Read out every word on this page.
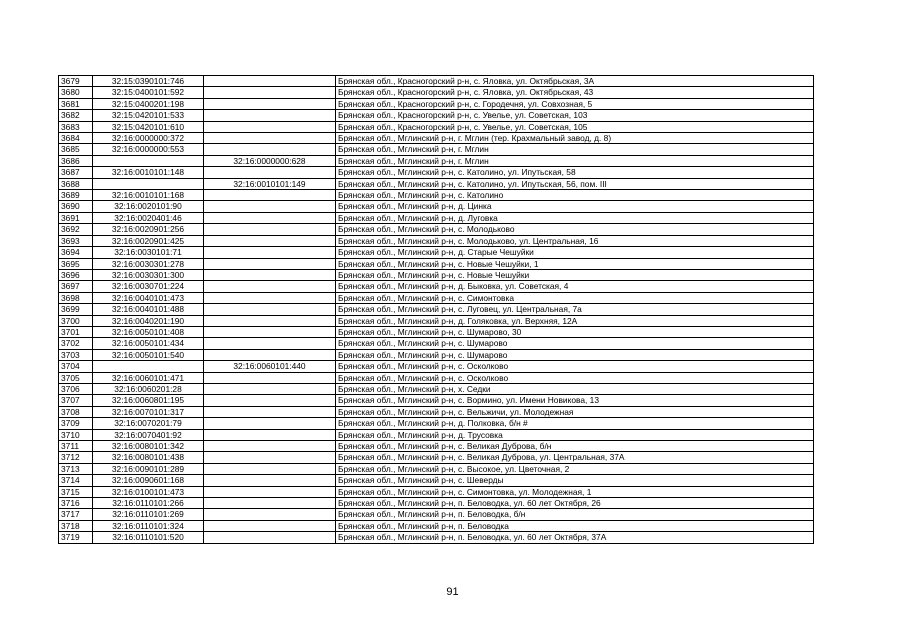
3679	32:15:0390101:746		Брянская обл., Красногорский р-н, с. Яловка, ул. Октябрьская, 3А
3680	32:15:0400101:592		Брянская обл., Красногорский р-н, с. Яловка, ул. Октябрьская, 43
3681	32:15:0400201:198		Брянская обл., Красногорский р-н, с. Городечня, ул. Совхозная, 5
3682	32:15:0420101:533		Брянская обл., Красногорский р-н, с. Увелье, ул. Советская, 103
3683	32:15:0420101:610		Брянская обл., Красногорский р-н, с. Увелье, ул. Советская, 105
3684	32:16:0000000:372		Брянская обл., Мглинский р-н, г. Мглин (тер. Крахмальный завод, д. 8)
3685	32:16:0000000:553		Брянская обл., Мглинский р-н, г. Мглин
3686		32:16:0000000:628	Брянская обл., Мглинский р-н, г. Мглин
3687	32:16:0010101:148		Брянская обл., Мглинский р-н, с. Католино, ул. Ипутьская, 58
3688		32:16:0010101:149	Брянская обл., Мглинский р-н, с. Католино, ул. Ипутьская, 56, пом. III
3689	32:16:0010101:168		Брянская обл., Мглинский р-н, с. Католино
3690	32:16:0020101:90		Брянская обл., Мглинский р-н, д. Цинка
3691	32:16:0020401:46		Брянская обл., Мглинский р-н, д. Луговка
3692	32:16:0020901:256		Брянская обл., Мглинский р-н, с. Молодьково
3693	32:16:0020901:425		Брянская обл., Мглинский р-н, с. Молодьково, ул. Центральная, 16
3694	32:16:0030101:71		Брянская обл., Мглинский р-н, д. Старые Чешуйки
3695	32:16:0030301:278		Брянская обл., Мглинский р-н, с. Новые Чешуйки, 1
3696	32:16:0030301:300		Брянская обл., Мглинский р-н, с. Новые Чешуйки
3697	32:16:0030701:224		Брянская обл., Мглинский р-н, д. Быковка, ул. Советская, 4
3698	32:16:0040101:473		Брянская обл., Мглинский р-н, с. Симонтовка
3699	32:16:0040101:488		Брянская обл., Мглинский р-н, с. Луговец, ул. Центральная, 7а
3700	32:16:0040201:190		Брянская обл., Мглинский р-н, д. Голяковка, ул. Верхняя, 12А
3701	32:16:0050101:408		Брянская обл., Мглинский р-н, с. Шумарово, 30
3702	32:16:0050101:434		Брянская обл., Мглинский р-н, с. Шумарово
3703	32:16:0050101:540		Брянская обл., Мглинский р-н, с. Шумарово
3704		32:16:0060101:440	Брянская обл., Мглинский р-н, с. Осколково
3705	32:16:0060101:471		Брянская обл., Мглинский р-н, с. Осколково
3706	32:16:0060201:28		Брянская обл., Мглинский р-н, х. Седки
3707	32:16:0060801:195		Брянская обл., Мглинский р-н, с. Вормино, ул. Имени Новикова, 13
3708	32:16:0070101:317		Брянская обл., Мглинский р-н, с. Вельжичи, ул. Молодежная
3709	32:16:0070201:79		Брянская обл., Мглинский р-н, д. Полковка, б/н #
3710	32:16:0070401:92		Брянская обл., Мглинский р-н, д. Трусовка
3711	32:16:0080101:342		Брянская обл., Мглинский р-н, с. Великая Дуброва, б/н
3712	32:16:0080101:438		Брянская обл., Мглинский р-н, с. Великая Дуброва, ул. Центральная, 37А
3713	32:16:0090101:289		Брянская обл., Мглинский р-н, с. Высокое, ул. Цветочная, 2
3714	32:16:0090601:168		Брянская обл., Мглинский р-н, с. Шеверды
3715	32:16:0100101:473		Брянская обл., Мглинский р-н, с. Симонтовка, ул. Молодежная, 1
3716	32:16:0110101:266		Брянская обл., Мглинский р-н, п. Беловодка, ул. 60 лет Октября, 26
3717	32:16:0110101:269		Брянская обл., Мглинский р-н, п. Беловодка, б/н
3718	32:16:0110101:324		Брянская обл., Мглинский р-н, п. Беловодка
3719	32:16:0110101:520		Брянская обл., Мглинский р-н, п. Беловодка, ул. 60 лет Октября, 37А
91
